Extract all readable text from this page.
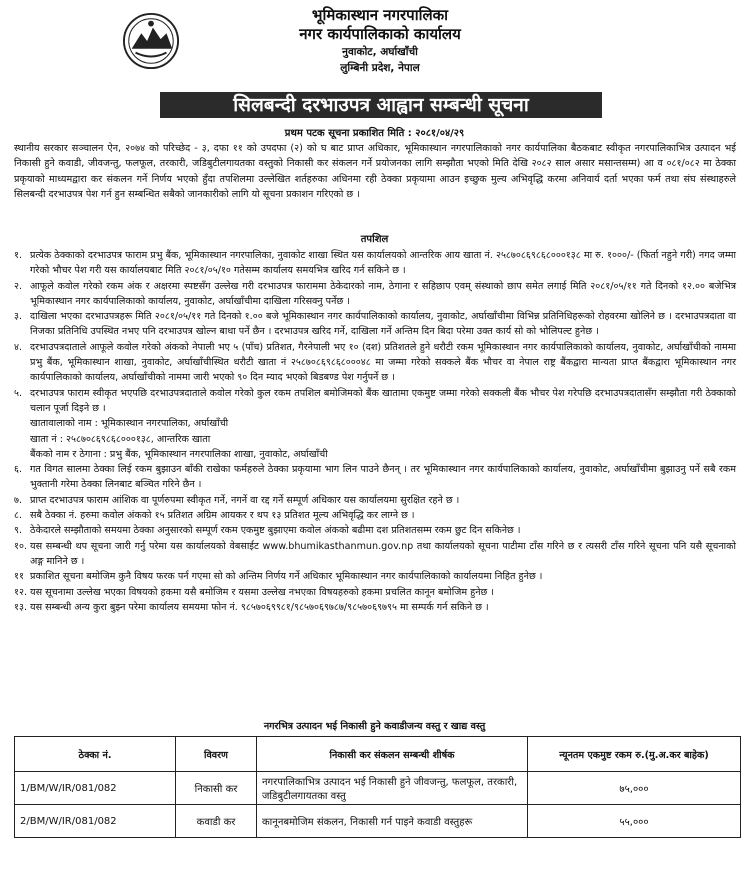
भूमिकास्थान नगरपालिका
नगर कार्यपालिकाको कार्यालय
नुवाकोट, अर्घाखाँची
लुम्बिनी प्रदेश, नेपाल
सिलबन्दी दरभाउपत्र आह्वान सम्बन्धी सूचना
प्रथम पटक सूचना प्रकाशित मिति : २०८१/०४/२९
स्थानीय सरकार सञ्चालन ऐन, २०७४ को परिच्छेद - ३, दफा ११ को उपदफा (२) को घ बाट प्राप्त अधिकार, भूमिकास्थान नगरपालिकाको नगर कार्यपालिका बैठकबाट स्वीकृत नगरपालिकाभित्र उत्पादन भई निकासी हुने कवाडी, जीवजन्तु, फलफूल, तरकारी, जडिबुटीलगायतका वस्तुको निकासी कर संकलन गर्ने प्रयोजनका लागि सम्झौता भएको मिति देखि २०८२ साल असार मसान्तसम्म) आ व ०८१/०८२ मा ठेक्का प्रकृयाको माध्यमद्वारा कर संकलन गर्ने निर्णय भएको हुँदा तपशिलमा उल्लेखित शर्तहरुका अधिनमा रही ठेक्का प्रकृयामा आउन इच्छुक मुल्य अभिवृद्धि करमा अनिवार्य दर्ता भएका फर्म तथा संघ संस्थाहरुले सिलबन्दी दरभाउपत्र पेश गर्न हुन सम्बन्धित सबैको जानकारीको लागि यो सूचना प्रकाशन गरिएको छ ।
तपशिल
१. प्रत्येक ठेक्काको दरभाउपत्र फाराम प्रभु बैंक, भूमिकास्थान नगरपालिका, नुवाकोट शाखा स्थित यस कार्यालयको आन्तरिक आय खाता नं. २५८७०८६९८६८०००१३८ मा रु. १०००/- (फिर्ता नहुने गरी) नगद जम्मा गरेको भौचर पेश गरी यस कार्यालयबाट मिति २०८१/०५/१० गतेसम्म कार्यालय समयभित्र खरिद गर्न सकिने छ ।
२. आफूले कवोल गरेको रकम अंक र अक्षरमा स्पष्टसँग उल्लेख गरी दरभाउपत्र फाराममा ठेकेदारको नाम, ठेगाना र सहिछाप एवम् संस्थाको छाप समेत लगाई मिति २०८१/०५/११ गते दिनको १२.०० बजेभित्र भूमिकास्थान नगर कार्यपालिकाको कार्यालय, नुवाकोट, अर्घाखाँचीमा दाखिला गरिसक्नु पर्नेछ ।
३. दाखिला भएका दरभाउपत्रहरू मिति २०८१/०५/११ गते दिनको १.०० बजे भूमिकास्थान नगर कार्यपालिकाको कार्यालय, नुवाकोट, अर्घाखाँचीमा विभिन्न प्रतिनिधिहरूको रोहवरमा खोलिने छ । दरभाउपत्रदाता वा निजका प्रतिनिधि उपस्थित नभए पनि दरभाउपत्र खोल्न बाधा पर्ने छैन । दरभाउपत्र खरिद गर्ने, दाखिला गर्ने अन्तिम दिन बिदा परेमा उक्त कार्य सो को भोलिपल्ट हुनेछ ।
४. दरभाउपत्रदाताले आफूले कवोल गरेको अंकको नेपाली भए ५ (पाँच) प्रतिशत, गैरनेपाली भए १० (दश) प्रतिशतले हुने धरौटी रकम भूमिकास्थान नगर कार्यपालिकाको कार्यालय, नुवाकोट, अर्घाखाँचीको नाममा प्रभु बैंक, भूमिकास्थान शाखा, नुवाकोट, अर्घाखाँचीस्थित धरौटी खाता नं २५८७०८६९८६८०००४८ मा जम्मा गरेको सक्कले बैंक भौचर वा नेपाल राष्ट्र बैंकद्वारा मान्यता प्राप्त बैंकद्वारा भूमिकास्थान नगर कार्यपालिकाको कार्यालय, अर्घाखाँचीको नाममा जारी भएको ९० दिन म्याद भएको बिडबण्ड पेश गर्नुपर्ने छ ।
५. दरभाउपत्र फाराम स्वीकृत भएपछि दरभाउपत्रदाताले कवोल गरेको कुल रकम तपशिल बमोजिमको बैंक खातामा एकमुष्ट जम्मा गरेको सक्कली बैंक भौचर पेश गरेपछि दरभाउपत्रदातासँग सम्झौता गरी ठेक्काको चलान पूर्जा दिइने छ ।
खातावालाको नाम : भूमिकास्थान नगरपालिका, अर्घाखाँची
खाता नं : २५८७०८६९८६८०००१३८, आन्तरिक खाता
बैंकको नाम र ठेगाना : प्रभु बैंक, भूमिकास्थान नगरपालिका शाखा, नुवाकोट, अर्घाखाँची
६. गत विगत सालमा ठेक्का लिई रकम बुझाउन बाँकी राखेका फर्महरुले ठेक्का प्रकृयामा भाग लिन पाउने छैनन् । तर भूमिकास्थान नगर कार्यपालिकाको कार्यालय, नुवाकोट, अर्घाखाँचीमा बुझाउनु पर्ने सबै रकम भुक्तानी गरेमा ठेक्का लिनबाट बञ्चित गरिने छैन ।
७. प्राप्त दरभाउपत्र फाराम आंशिक वा पूर्णरुपमा स्वीकृत गर्ने, नगर्ने वा रद्द गर्ने सम्पूर्ण अधिकार यस कार्यालयमा सुरक्षित रहने छ ।
८. सबै ठेक्का नं. हरुमा कवोल अंकको १५ प्रतिशत अग्रिम आयकर र थप १३ प्रतिशत मूल्य अभिवृद्धि कर लाग्ने छ ।
९. ठेकेदारले सम्झौताको समयमा ठेक्का अनुसारको सम्पूर्ण रकम एकमुष्ट बुझाएमा कवोल अंकको बढीमा दश प्रतिशतसम्म रकम छुट दिन सकिनेछ ।
१०. यस सम्बन्धी थप सूचना जारी गर्नु परेमा यस कार्यालयको वेबसाईट www.bhumikasthanmun.gov.np तथा कार्यालयको सूचना पाटीमा टाँस गरिने छ र त्यसरी टाँस गरिने सूचना पनि यसै सूचनाको अङ्ग मानिने छ ।
११ प्रकाशित सूचना बमोजिम कुनै विषय फरक पर्न गएमा सो को अन्तिम निर्णय गर्ने अधिकार भूमिकास्थान नगर कार्यपालिकाको कार्यालयमा निहित हुनेछ ।
१२. यस सूचनामा उल्लेख भएका विषयको हकमा यसै बमोजिम र यसमा उल्लेख नभएका विषयहरुको हकमा प्रचलित कानून बमोजिम हुनेछ ।
१३. यस सम्बन्धी अन्य कुरा बुझ्न परेमा कार्यालय समयमा फोन नं. ९८५७०६९९८१/९८५७०६९७८७/९८५७०६९७९५ मा सम्पर्क गर्न सकिने छ ।
नगरभित्र उत्पादन भई निकासी हुने कवाडीजन्य वस्तु र खाद्य वस्तु
ठेक्का नं.	विवरण	निकासी कर संकलन सम्बन्धी शीर्षक	न्यूनतम एकमुष्ट रकम रु.(मु.अ.कर बाहेक)
1/BM/W/IR/081/082	निकासी कर	नगरपालिकाभित्र उत्पादन भई निकासी हुने जीवजन्तु, फलफूल, तरकारी, जडिबुटीलगायतका वस्तु	७५,०००
2/BM/W/IR/081/082	कवाडी कर	कानूनबमोजिम संकलन, निकासी गर्न पाइने कवाडी वस्तुहरू	५५,०००
